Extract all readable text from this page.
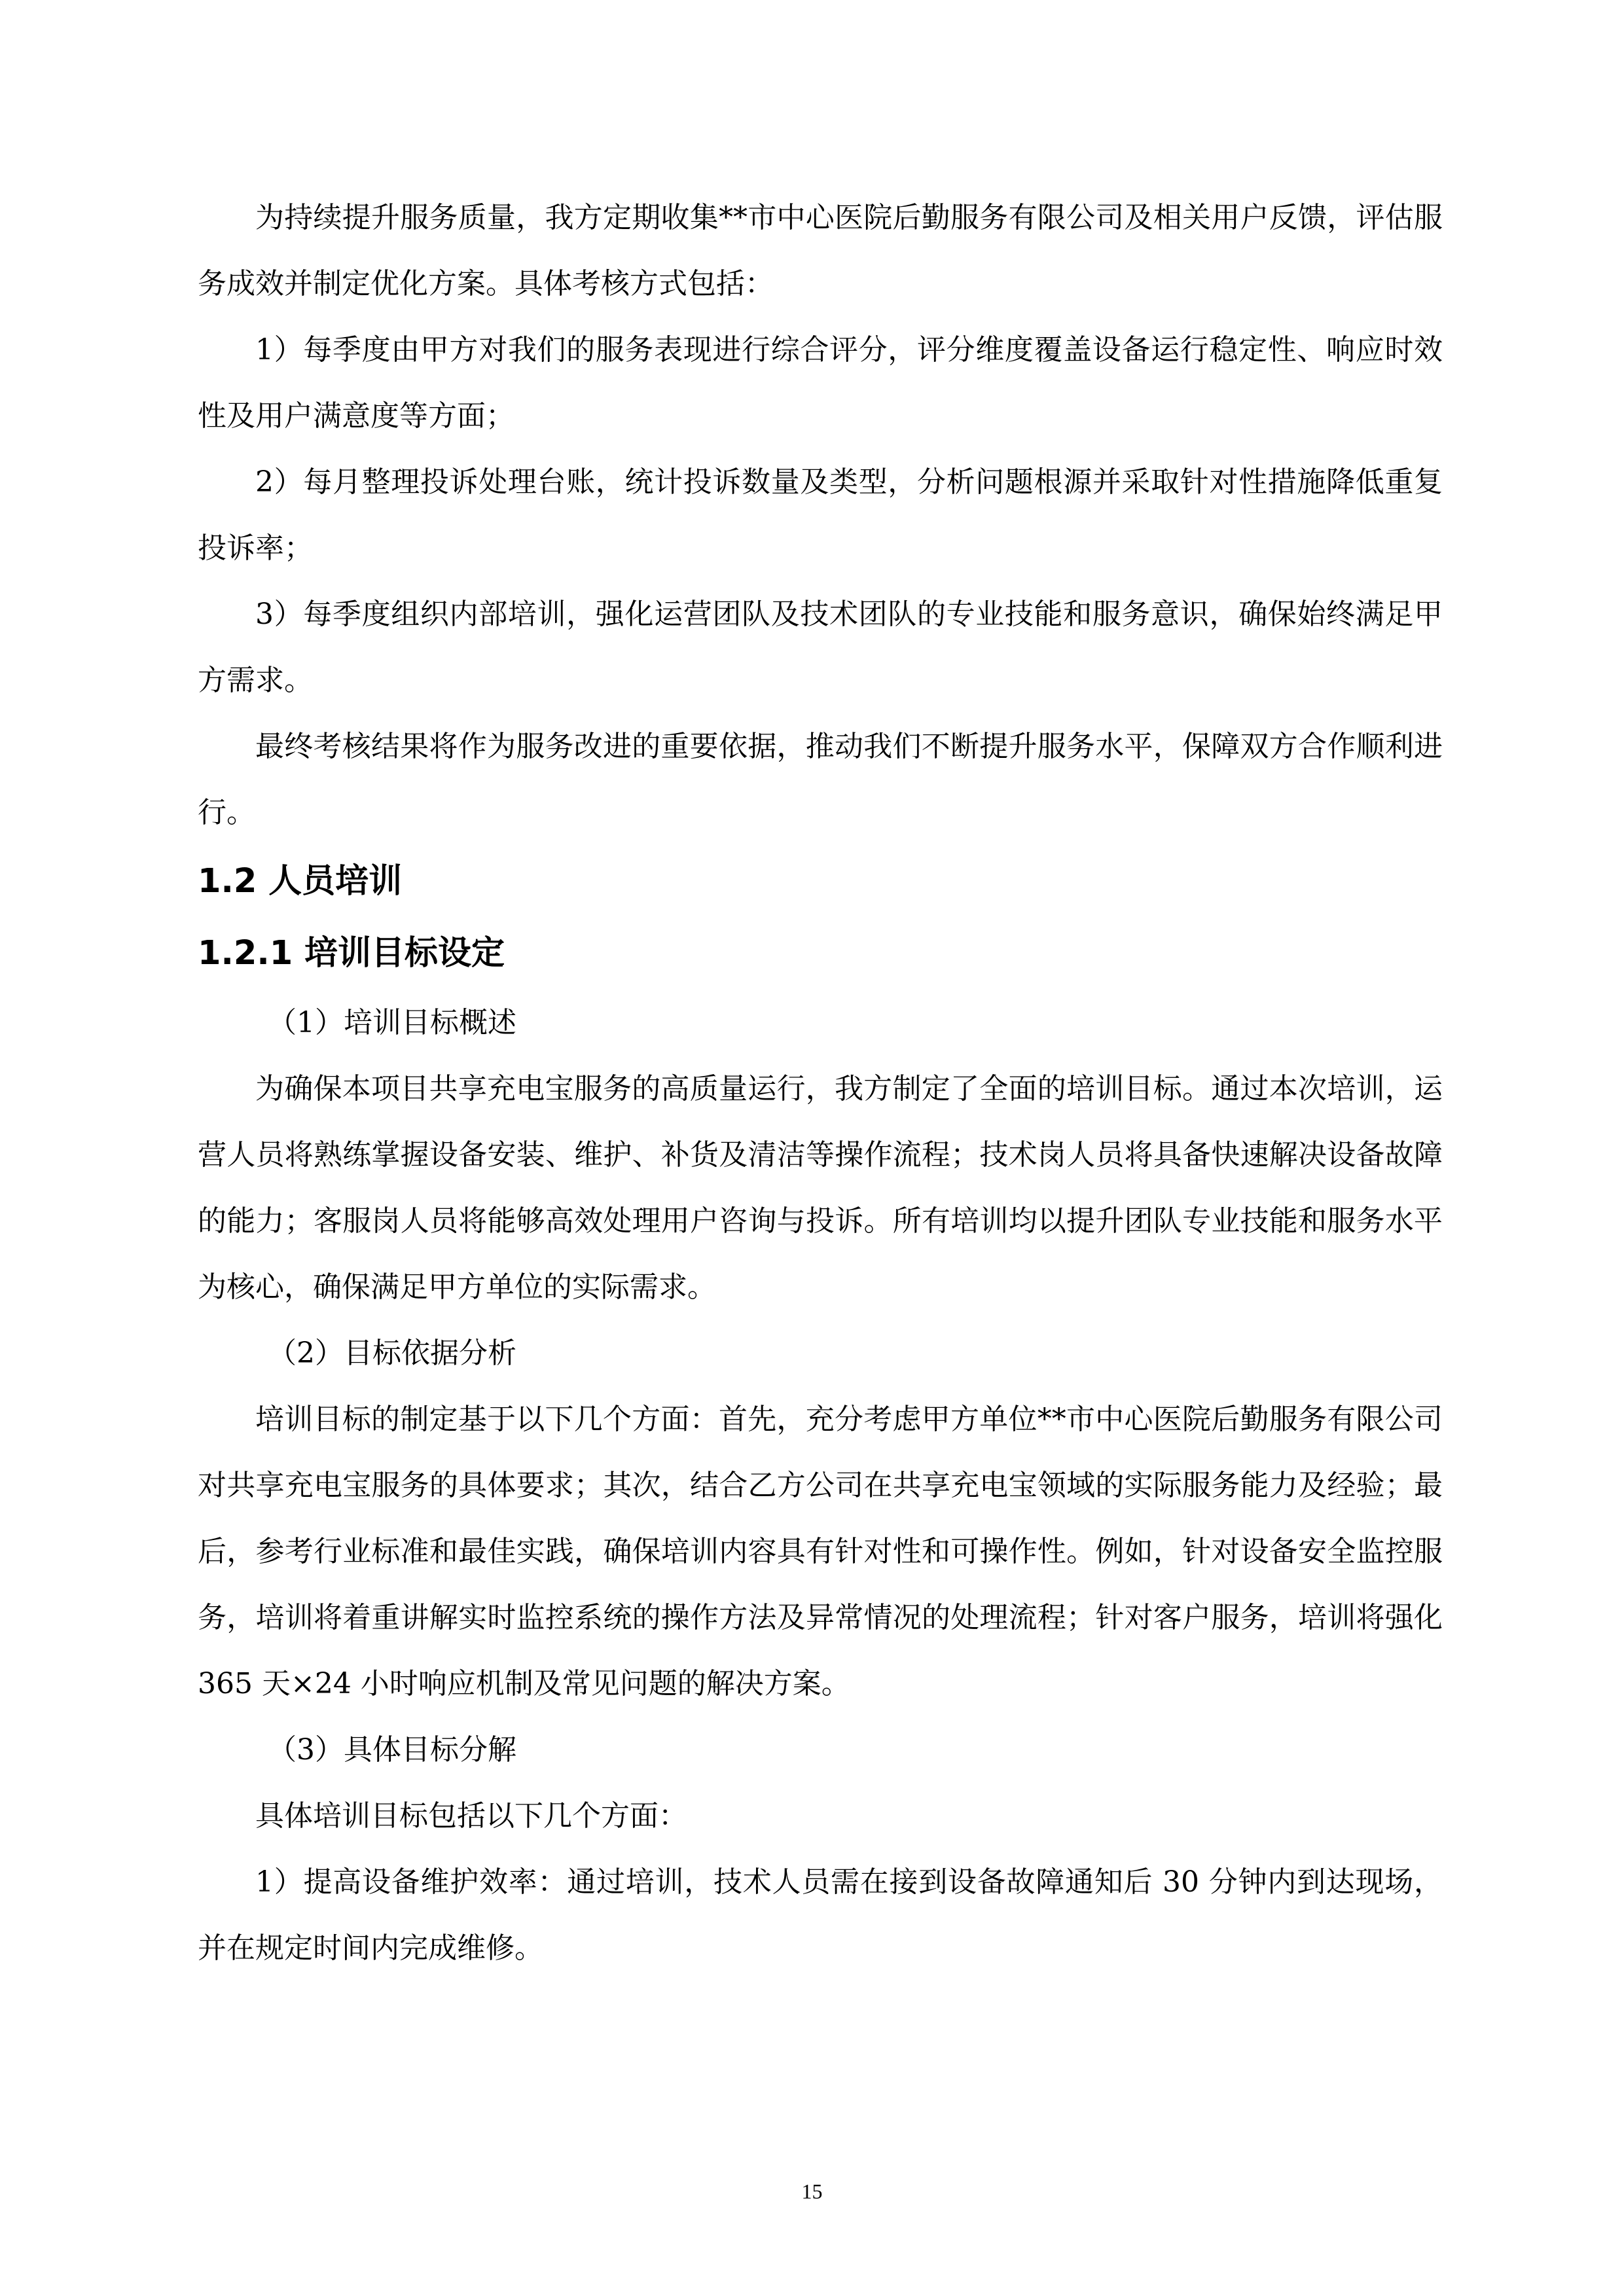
为持续提升服务质量，我方定期收集**市中心医院后勤服务有限公司及相关用户反馈，评估服务成效并制定优化方案。具体考核方式包括：

1）每季度由甲方对我们的服务表现进行综合评分，评分维度覆盖设备运行稳定性、响应时效性及用户满意度等方面；

2）每月整理投诉处理台账，统计投诉数量及类型，分析问题根源并采取针对性措施降低重复投诉率；

3）每季度组织内部培训，强化运营团队及技术团队的专业技能和服务意识，确保始终满足甲方需求。

最终考核结果将作为服务改进的重要依据，推动我们不断提升服务水平，保障双方合作顺利进行。

1.2 人员培训
1.2.1 培训目标设定

（1）培训目标概述

为确保本项目共享充电宝服务的高质量运行，我方制定了全面的培训目标。通过本次培训，运营人员将熟练掌握设备安装、维护、补货及清洁等操作流程；技术岗人员将具备快速解决设备故障的能力；客服岗人员将能够高效处理用户咨询与投诉。所有培训均以提升团队专业技能和服务水平为核心，确保满足甲方单位的实际需求。

（2）目标依据分析

培训目标的制定基于以下几个方面：首先，充分考虑甲方单位**市中心医院后勤服务有限公司对共享充电宝服务的具体要求；其次，结合乙方公司在共享充电宝领域的实际服务能力及经验；最后，参考行业标准和最佳实践，确保培训内容具有针对性和可操作性。例如，针对设备安全监控服务，培训将着重讲解实时监控系统的操作方法及异常情况的处理流程；针对客户服务，培训将强化 365 天×24 小时响应机制及常见问题的解决方案。

（3）具体目标分解

具体培训目标包括以下几个方面：

1）提高设备维护效率：通过培训，技术人员需在接到设备故障通知后 30 分钟内到达现场，并在规定时间内完成维修。

15
